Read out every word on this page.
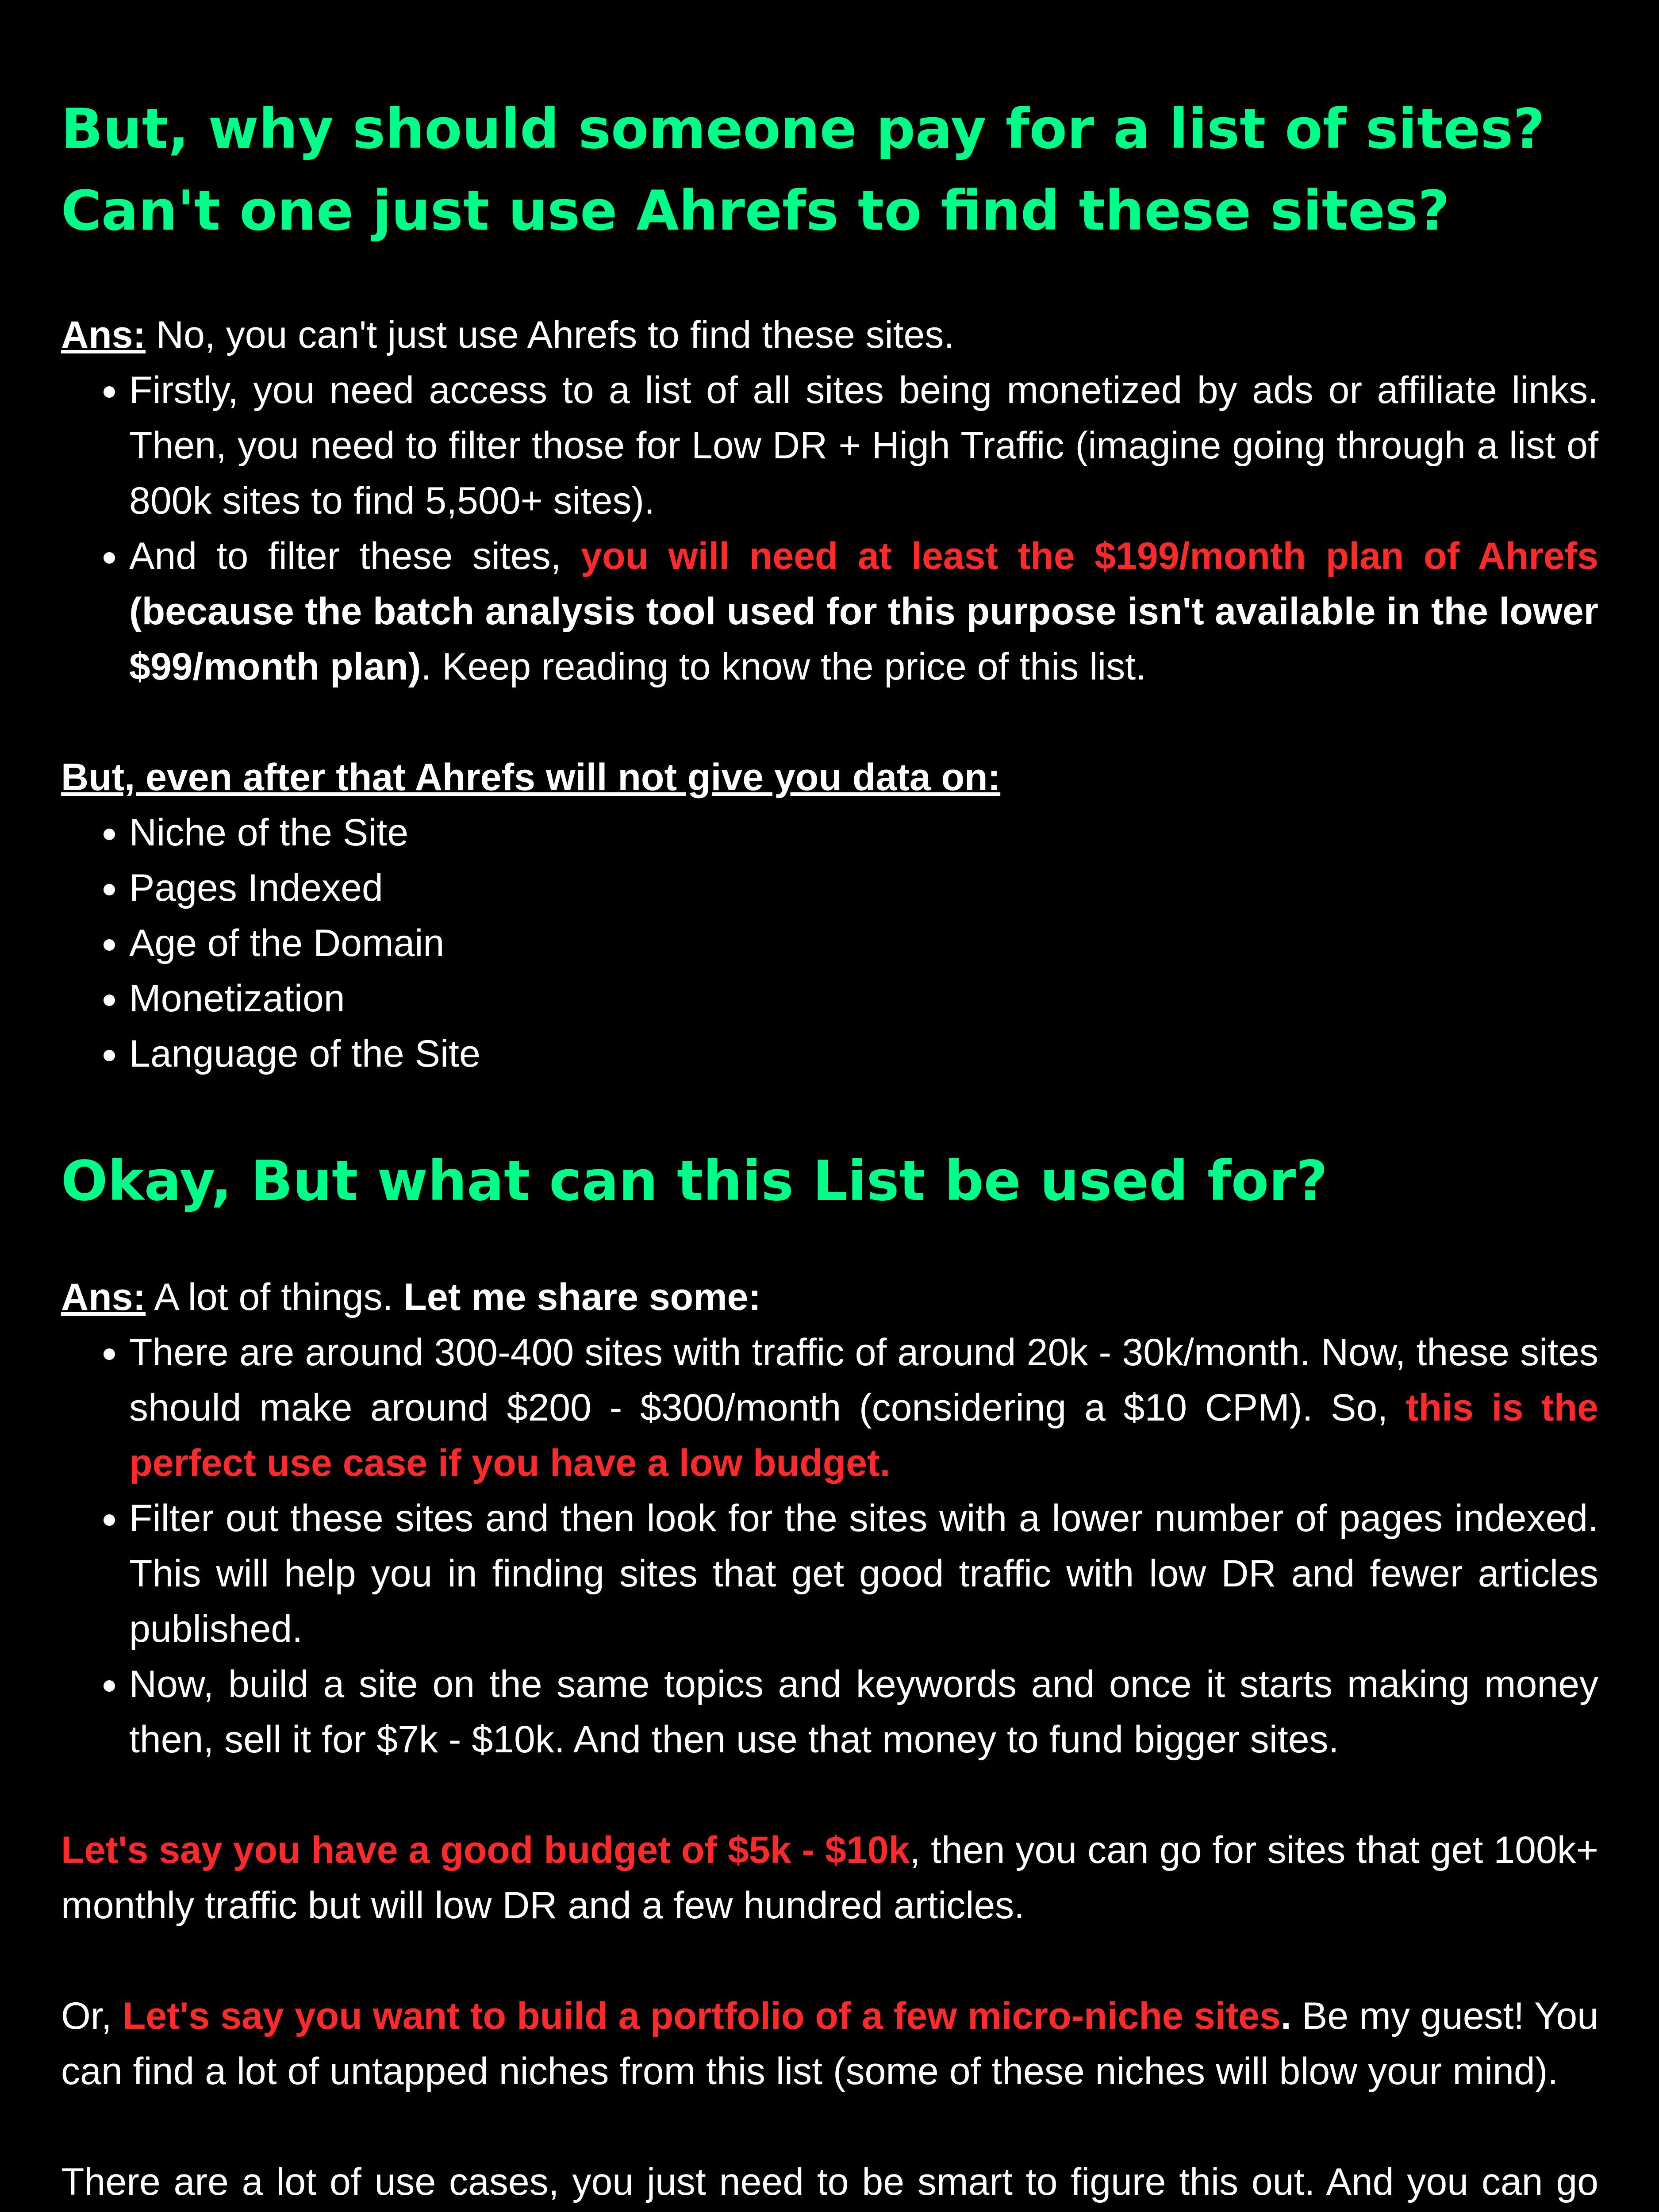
But, why should someone pay for a list of sites? Can't one just use Ahrefs to find these sites?

Ans: No, you can't just use Ahrefs to find these sites.

• Firstly, you need access to a list of all sites being monetized by ads or affiliate links. Then, you need to filter those for Low DR + High Traffic (imagine going through a list of 800k sites to find 5,500+ sites).
• And to filter these sites, you will need at least the $199/month plan of Ahrefs (because the batch analysis tool used for this purpose isn't available in the lower $99/month plan). Keep reading to know the price of this list.

But, even after that Ahrefs will not give you data on:

• Niche of the Site
• Pages Indexed
• Age of the Domain
• Monetization
• Language of the Site
Okay, But what can this List be used for?

Ans: A lot of things. Let me share some:

• There are around 300-400 sites with traffic of around 20k - 30k/month. Now, these sites should make around $200 - $300/month (considering a $10 CPM). So, this is the perfect use case if you have a low budget.
• Filter out these sites and then look for the sites with a lower number of pages indexed. This will help you in finding sites that get good traffic with low DR and fewer articles published.
• Now, build a site on the same topics and keywords and once it starts making money then, sell it for $7k - $10k. And then use that money to fund bigger sites.

Let's say you have a good budget of $5k - $10k, then you can go for sites that get 100k+ monthly traffic but will low DR and a few hundred articles.

Or, Let's say you want to build a portfolio of a few micro-niche sites. Be my guest! You can find a lot of untapped niches from this list (some of these niches will blow your mind).

There are a lot of use cases, you just need to be smart to figure this out. And you can go
